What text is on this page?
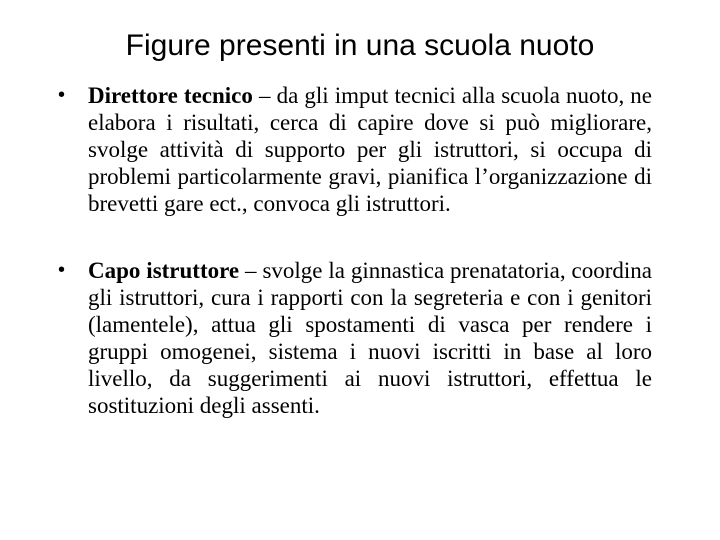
Figure presenti in una scuola nuoto
• Direttore tecnico – da gli imput tecnici alla scuola nuoto, ne elabora i risultati, cerca di capire dove si può migliorare, svolge attività di supporto per gli istruttori, si occupa di problemi particolarmente gravi, pianifica l’organizzazione di brevetti gare ect., convoca gli istruttori.
• Capo istruttore – svolge la ginnastica prenatatoria, coordina gli istruttori, cura i rapporti con la segreteria e con i genitori (lamentele), attua gli spostamenti di vasca per rendere i gruppi omogenei, sistema i nuovi iscritti in base al loro livello, da suggerimenti ai nuovi istruttori, effettua le sostituzioni degli assenti.
